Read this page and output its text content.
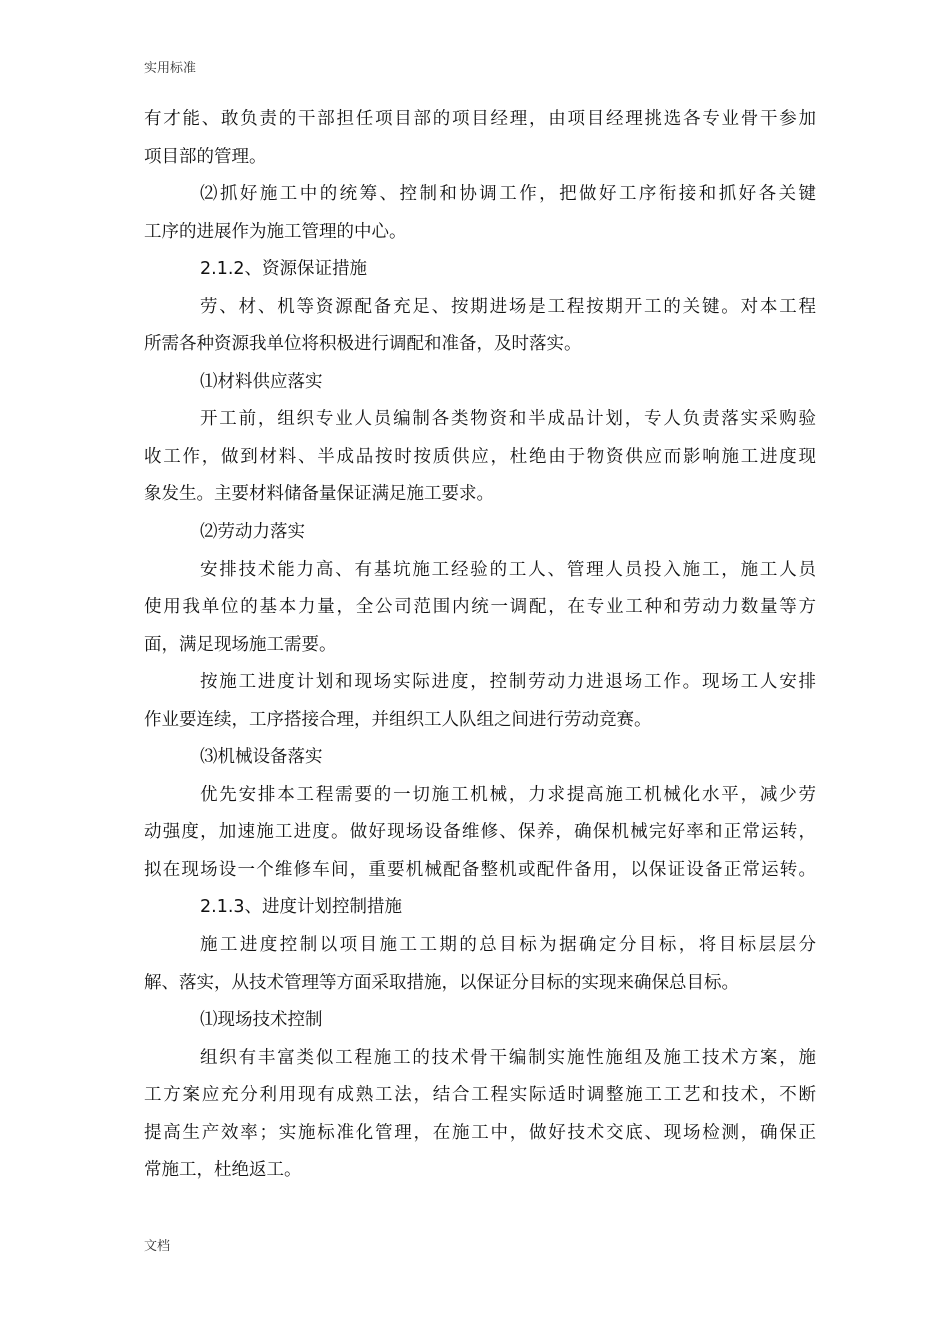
实用标准
有才能、敢负责的干部担任项目部的项目经理，由项目经理挑选各专业骨干参加
项目部的管理。
⑵抓好施工中的统筹、控制和协调工作，把做好工序衔接和抓好各关键
工序的进展作为施工管理的中心。
2.1.2、资源保证措施
劳、材、机等资源配备充足、按期进场是工程按期开工的关键。对本工程
所需各种资源我单位将积极进行调配和准备，及时落实。
⑴材料供应落实
开工前，组织专业人员编制各类物资和半成品计划，专人负责落实采购验
收工作，做到材料、半成品按时按质供应，杜绝由于物资供应而影响施工进度现
象发生。主要材料储备量保证满足施工要求。
⑵劳动力落实
安排技术能力高、有基坑施工经验的工人、管理人员投入施工，施工人员
使用我单位的基本力量，全公司范围内统一调配，在专业工种和劳动力数量等方
面，满足现场施工需要。
按施工进度计划和现场实际进度，控制劳动力进退场工作。现场工人安排
作业要连续，工序搭接合理，并组织工人队组之间进行劳动竞赛。
⑶机械设备落实
优先安排本工程需要的一切施工机械，力求提高施工机械化水平，减少劳
动强度，加速施工进度。做好现场设备维修、保养，确保机械完好率和正常运转，
拟在现场设一个维修车间，重要机械配备整机或配件备用，以保证设备正常运转。
2.1.3、进度计划控制措施
施工进度控制以项目施工工期的总目标为据确定分目标，将目标层层分
解、落实，从技术管理等方面采取措施，以保证分目标的实现来确保总目标。
⑴现场技术控制
组织有丰富类似工程施工的技术骨干编制实施性施组及施工技术方案，施
工方案应充分利用现有成熟工法，结合工程实际适时调整施工工艺和技术，不断
提高生产效率；实施标准化管理，在施工中，做好技术交底、现场检测，确保正
常施工，杜绝返工。
文档
